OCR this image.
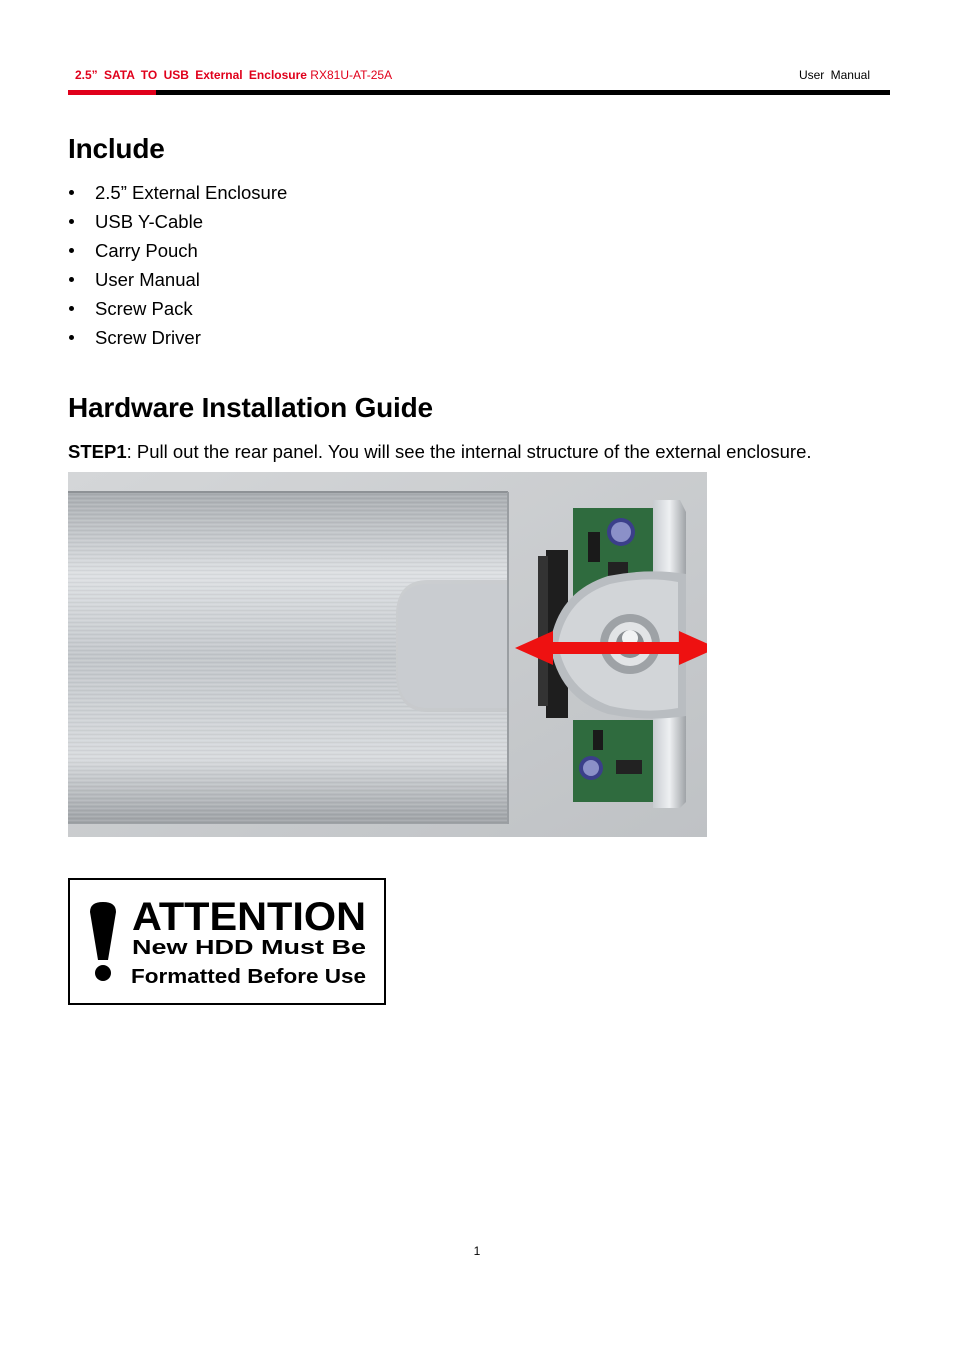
2.5” SATA TO USB External Enclosure RX81U-AT-25A	User Manual
Include
2.5” External Enclosure
USB Y-Cable
Carry Pouch
User Manual
Screw Pack
Screw Driver
Hardware Installation Guide
STEP1: Pull out the rear panel. You will see the internal structure of the external enclosure.
ATTENTION
New HDD Must Be
Formatted Before Use
1
